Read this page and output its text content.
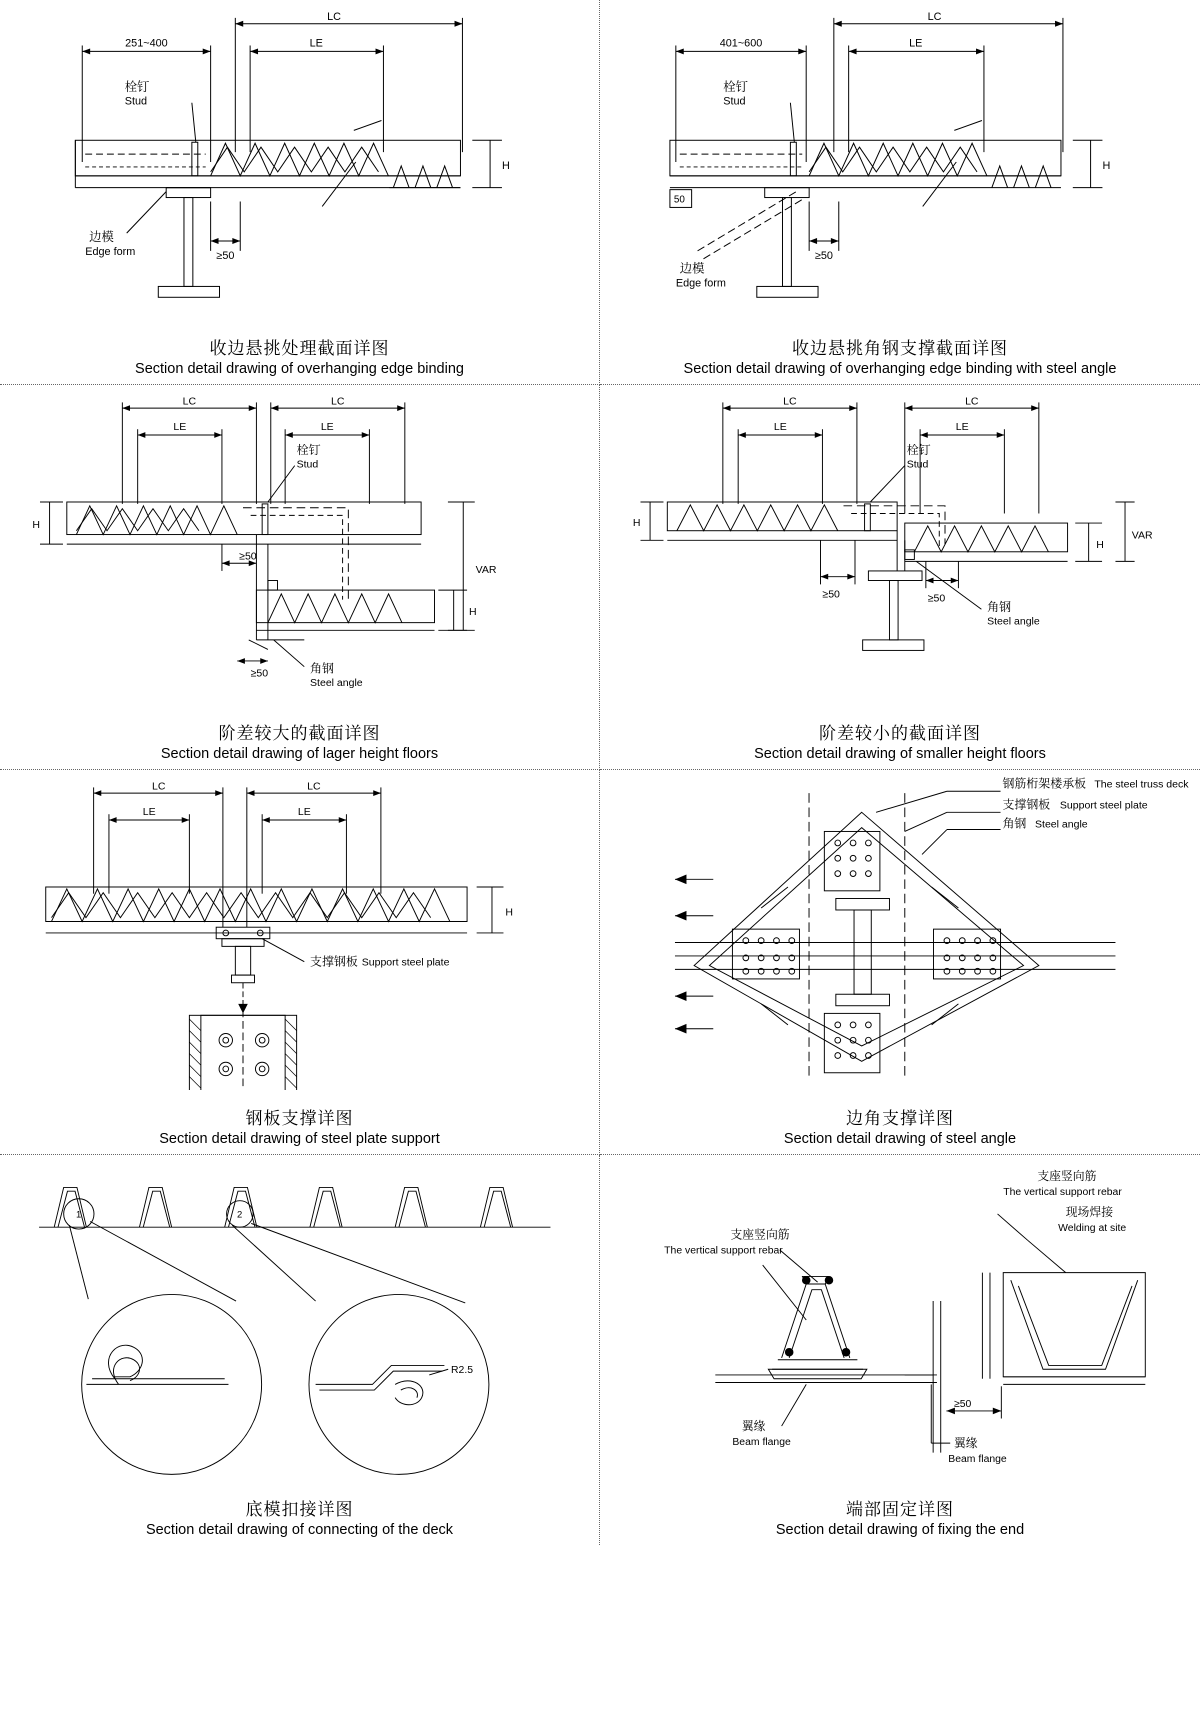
LC
LE
251~400
栓钉
Stud
边模
Edge form	≥50
H
收边悬挑处理截面详图
Section detail drawing of overhanging edge binding
LC
LE
401~600
栓钉
Stud
50
边模
Edge form
≥50
H
收边悬挑角钢支撑截面详图
Section detail drawing of overhanging edge binding with steel angle
LC
LE
LC
LE
栓钉
Stud
≥50
≥50	角钢
Steel angle
H
VAR
H
阶差较大的截面详图
Section detail drawing of lager height floors
LC
LE
LC
LE
栓钉
Stud
≥50	≥50
角钢
Steel angle
H
H
VAR
阶差较小的截面详图
Section detail drawing of smaller height floors
LC
LE
LC
LE
支撑钢板 Support steel plate
H
钢板支撑详图
Section detail drawing of steel plate support
钢筋桁架楼承板 The steel truss deck
支撑钢板 Support steel plate
角钢 Steel angle
边角支撑详图
Section detail drawing of steel angle
1	2
R2.5
底模扣接详图
Section detail drawing of connecting of the deck
支座竖向筋
The vertical support rebar
现场焊接
Welding at site
支座竖向筋
The vertical support rebar
翼缘
Beam flange
≥50
翼缘
Beam flange
端部固定详图
Section detail drawing of fixing the end
